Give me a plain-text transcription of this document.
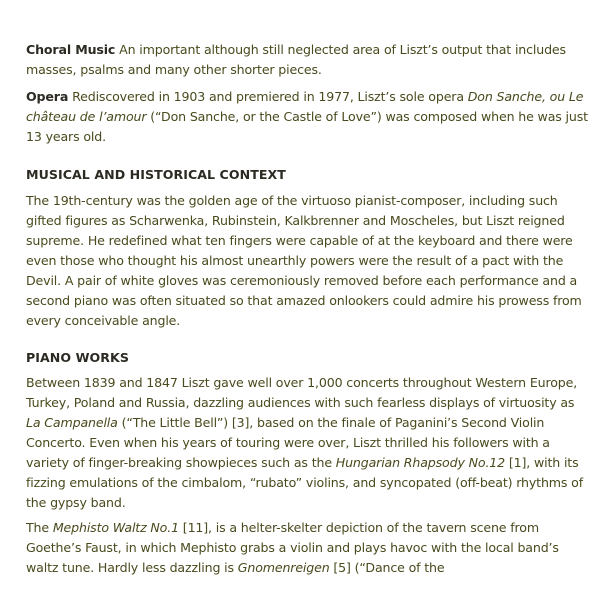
Choral Music An important although still neglected area of Liszt’s output that includes masses, psalms and many other shorter pieces.
Opera Rediscovered in 1903 and premiered in 1977, Liszt’s sole opera Don Sanche, ou Le château de l’amour (“Don Sanche, or the Castle of Love”) was composed when he was just 13 years old.
MUSICAL AND HISTORICAL CONTEXT
The 19th-century was the golden age of the virtuoso pianist-composer, including such gifted figures as Scharwenka, Rubinstein, Kalkbrenner and Moscheles, but Liszt reigned supreme. He redefined what ten fingers were capable of at the keyboard and there were even those who thought his almost unearthly powers were the result of a pact with the Devil. A pair of white gloves was ceremoniously removed before each performance and a second piano was often situated so that amazed onlookers could admire his prowess from every conceivable angle.
PIANO WORKS
Between 1839 and 1847 Liszt gave well over 1,000 concerts throughout Western Europe, Turkey, Poland and Russia, dazzling audiences with such fearless displays of virtuosity as La Campanella (“The Little Bell”) [3], based on the finale of Paganini’s Second Violin Concerto. Even when his years of touring were over, Liszt thrilled his followers with a variety of finger-breaking showpieces such as the Hungarian Rhapsody No.12 [1], with its fizzing emulations of the cimbalom, “rubato” violins, and syncopated (off-beat) rhythms of the gypsy band.
The Mephisto Waltz No.1 [11], is a helter-skelter depiction of the tavern scene from Goethe’s Faust, in which Mephisto grabs a violin and plays havoc with the local band’s waltz tune. Hardly less dazzling is Gnomenreigen [5] (“Dance of the
